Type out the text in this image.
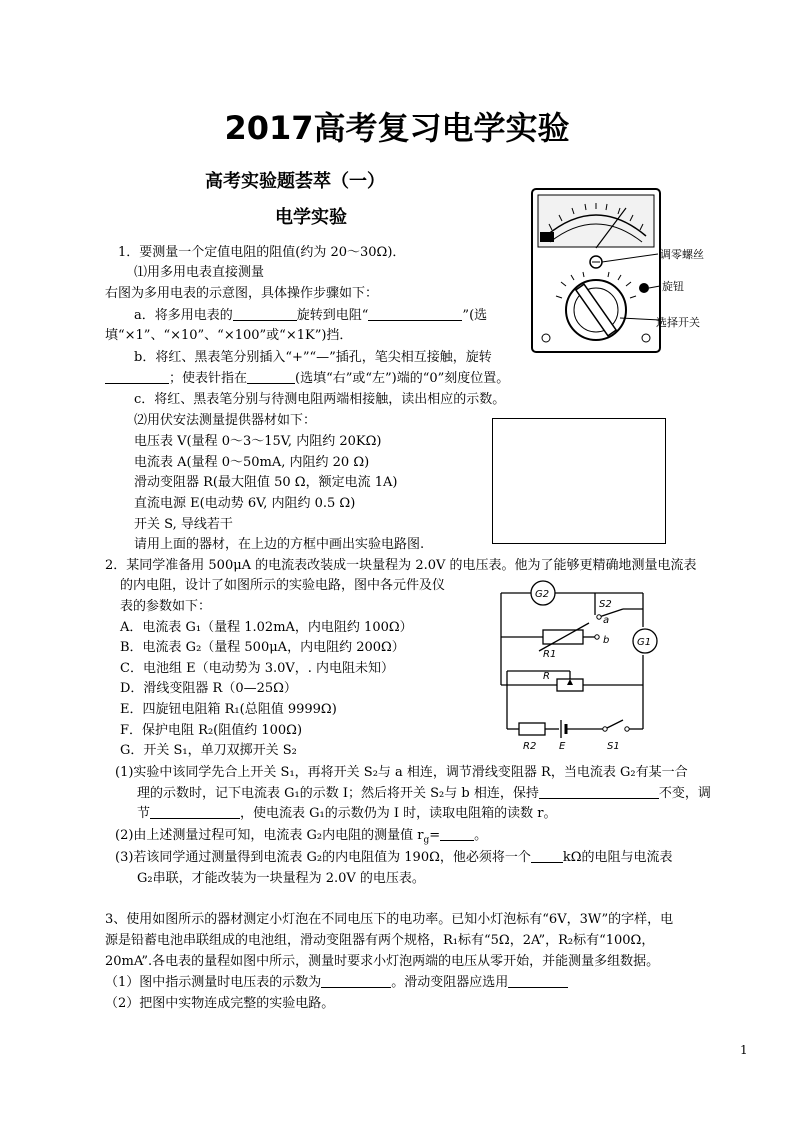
2017高考复习电学实验
高考实验题荟萃（一）
电学实验
调零螺丝
旋钮
选择开关
1．要测量一个定值电阻的阻值(约为 20～30Ω)．
⑴用多用电表直接测量
右图为多用电表的示意图，具体操作步骤如下：
a．将多用电表的	旋转到电阻“	”(选
填“×1”、“×10”、“×100”或“×1K”)挡．
b．将红、黑表笔分别插入“+”“—”插孔，笔尖相互接触，旋转
；使表针指在	(选填“右”或“左”)端的“0”刻度位置。
c．将红、黑表笔分别与待测电阻两端相接触，读出相应的示数。
⑵用伏安法测量提供器材如下：
电压表 V(量程 0～3～15V, 内阻约 20KΩ)
电流表 A(量程 0～50mA, 内阻约 20 Ω)
滑动变阻器 R(最大阻值 50 Ω，额定电流 1A)
直流电源 E(电动势 6V, 内阻约 0.5 Ω)
开关 S, 导线若干
请用上面的器材，在上边的方框中画出实验电路图.
2．某同学准备用 500μA 的电流表改装成一块量程为 2.0V 的电压表。他为了能够更精确地测量电流表
的内电阻，设计了如图所示的实验电路，图中各元件及仪
表的参数如下：
A．电流表 G₁（量程 1.02mA，内电阻约 100Ω）
B．电流表 G₂（量程 500μA，内电阻约 200Ω）
C．电池组 E（电动势为 3.0V，. 内电阻未知）
D．滑线变阻器 R（0—25Ω）
E．四旋钮电阻箱 R₁(总阻值 9999Ω)
F．保护电阻 R₂(阻值约 100Ω)
G．开关 S₁，单刀双掷开关 S₂
(1)实验中该同学先合上开关 S₁，再将开关 S₂与 a 相连，调节滑线变阻器 R，当电流表 G₂有某一合
理的示数时，记下电流表 G₁的示数 I；然后将开关 S₂与 b 相连，保持	不变，调
节	，使电流表 G₁的示数仍为 I 时，读取电阻箱的读数 r。
(2)由上述测量过程可知，电流表 G₂内电阻的测量值 $r_g=$	。
(3)若该同学通过测量得到电流表 G₂的内电阻值为 190Ω，他必须将一个 kΩ的电阻与电流表
G₂串联，才能改装为一块量程为 2.0V 的电压表。
G2
G1
S2
a
b
R1
R
R2 E	S1
3、使用如图所示的器材测定小灯泡在不同电压下的电功率。已知小灯泡标有“6V，3W”的字样，电
源是铅蓄电池串联组成的电池组，滑动变阻器有两个规格，R₁标有“5Ω，2A”，R₂标有“100Ω，
20mA”.各电表的量程如图中所示，测量时要求小灯泡两端的电压从零开始，并能测量多组数据。
（1）图中指示测量时电压表的示数为	。滑动变阻器应选用
（2）把图中实物连成完整的实验电路。
1
